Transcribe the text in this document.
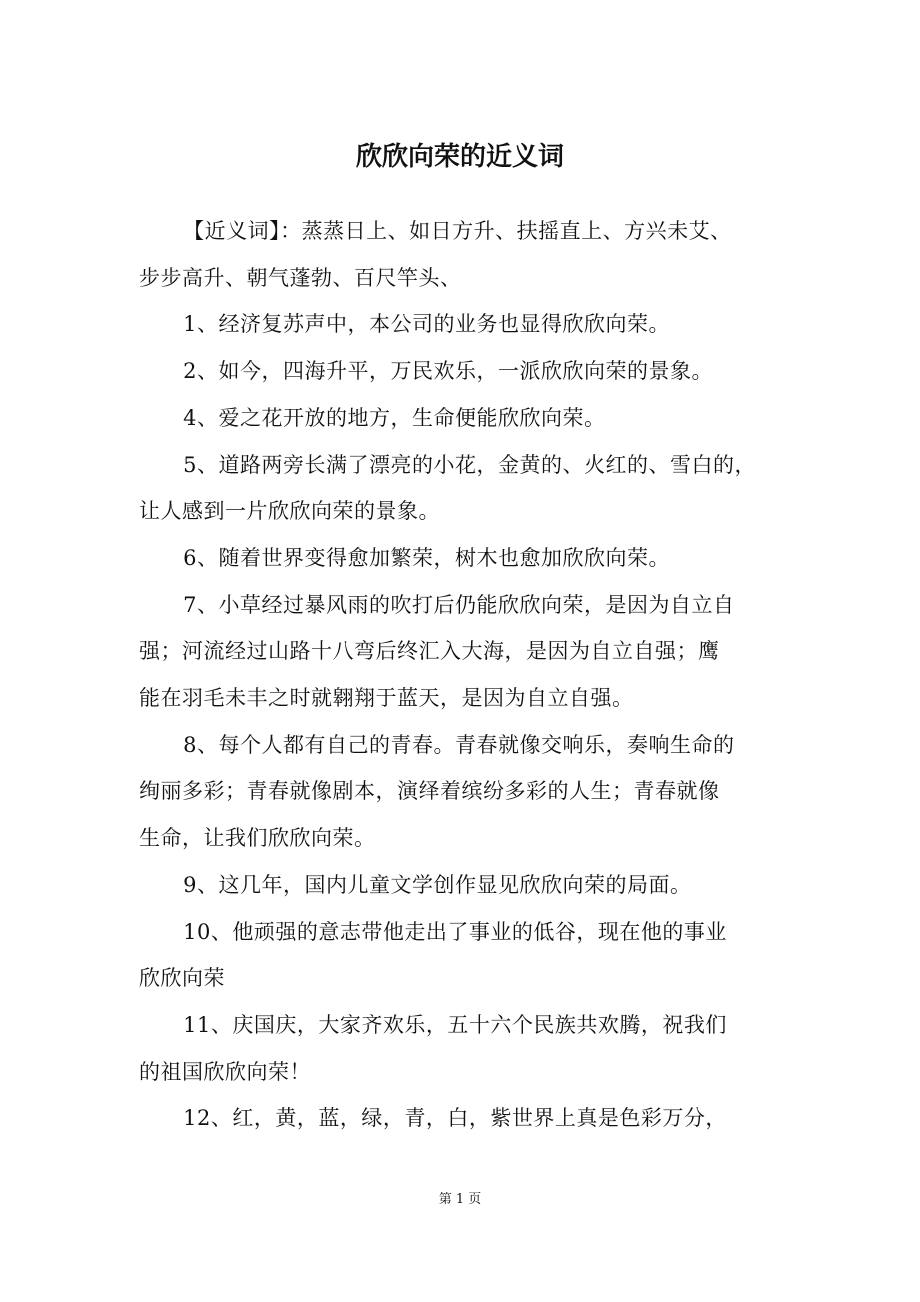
欣欣向荣的近义词

【近义词】：蒸蒸日上、如日方升、扶摇直上、方兴未艾、
步步高升、朝气蓬勃、百尺竿头、

1、经济复苏声中，本公司的业务也显得欣欣向荣。

2、如今，四海升平，万民欢乐，一派欣欣向荣的景象。

4、爱之花开放的地方，生命便能欣欣向荣。

5、道路两旁长满了漂亮的小花，金黄的、火红的、雪白的，
让人感到一片欣欣向荣的景象。

6、随着世界变得愈加繁荣，树木也愈加欣欣向荣。

7、小草经过暴风雨的吹打后仍能欣欣向荣，是因为自立自
强；河流经过山路十八弯后终汇入大海，是因为自立自强；鹰
能在羽毛未丰之时就翱翔于蓝天，是因为自立自强。

8、每个人都有自己的青春。青春就像交响乐，奏响生命的
绚丽多彩；青春就像剧本，演绎着缤纷多彩的人生；青春就像
生命，让我们欣欣向荣。

9、这几年，国内儿童文学创作显见欣欣向荣的局面。

10、他顽强的意志带他走出了事业的低谷，现在他的事业
欣欣向荣

11、庆国庆，大家齐欢乐，五十六个民族共欢腾，祝我们
的祖国欣欣向荣！

12、红，黄，蓝，绿，青，白，紫世界上真是色彩万分，

第 1 页
